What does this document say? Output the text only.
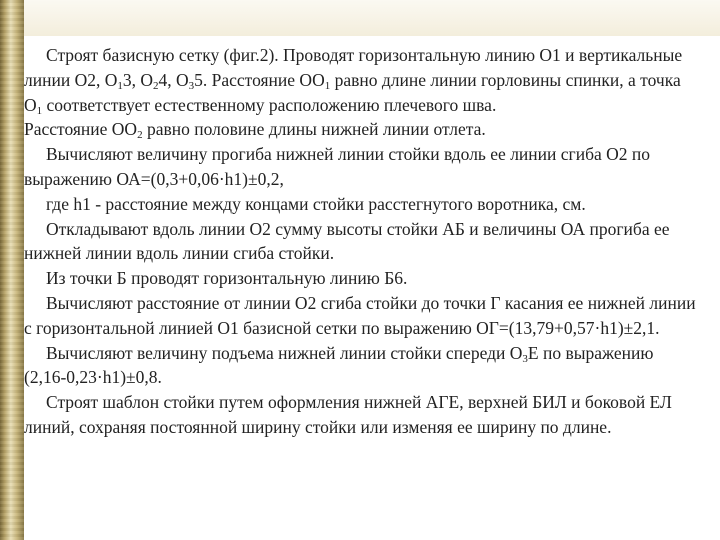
Строят базисную сетку (фиг.2). Проводят горизонтальную линию О1 и вертикальные линии О2, $О_13$, $О_24$, $О_35$. Расстояние $ОО_1$ равно длине линии горловины спинки, а точка $О_1$ соответствует естественному расположению плечевого шва.

Расстояние $ОО_2$ равно половине длины нижней линии отлета.

Вычисляют величину прогиба нижней линии стойки вдоль ее линии сгиба О2 по выражению ОА=(0,3+0,06·h1)±0,2,

где h1 - расстояние между концами стойки расстегнутого воротника, см.

Откладывают вдоль линии О2 сумму высоты стойки АБ и величины ОА прогиба ее нижней линии вдоль линии сгиба стойки.

Из точки Б проводят горизонтальную линию Б6.

Вычисляют расстояние от линии О2 сгиба стойки до точки Г касания ее нижней линии с горизонтальной линией О1 базисной сетки по выражению ОГ=(13,79+0,57·h1)±2,1.

Вычисляют величину подъема нижней линии стойки спереди $О_3Е$ по выражению (2,16-0,23·h1)±0,8.

Строят шаблон стойки путем оформления нижней АГЕ, верхней БИЛ и боковой ЕЛ линий, сохраняя постоянной ширину стойки или изменяя ее ширину по длине.
